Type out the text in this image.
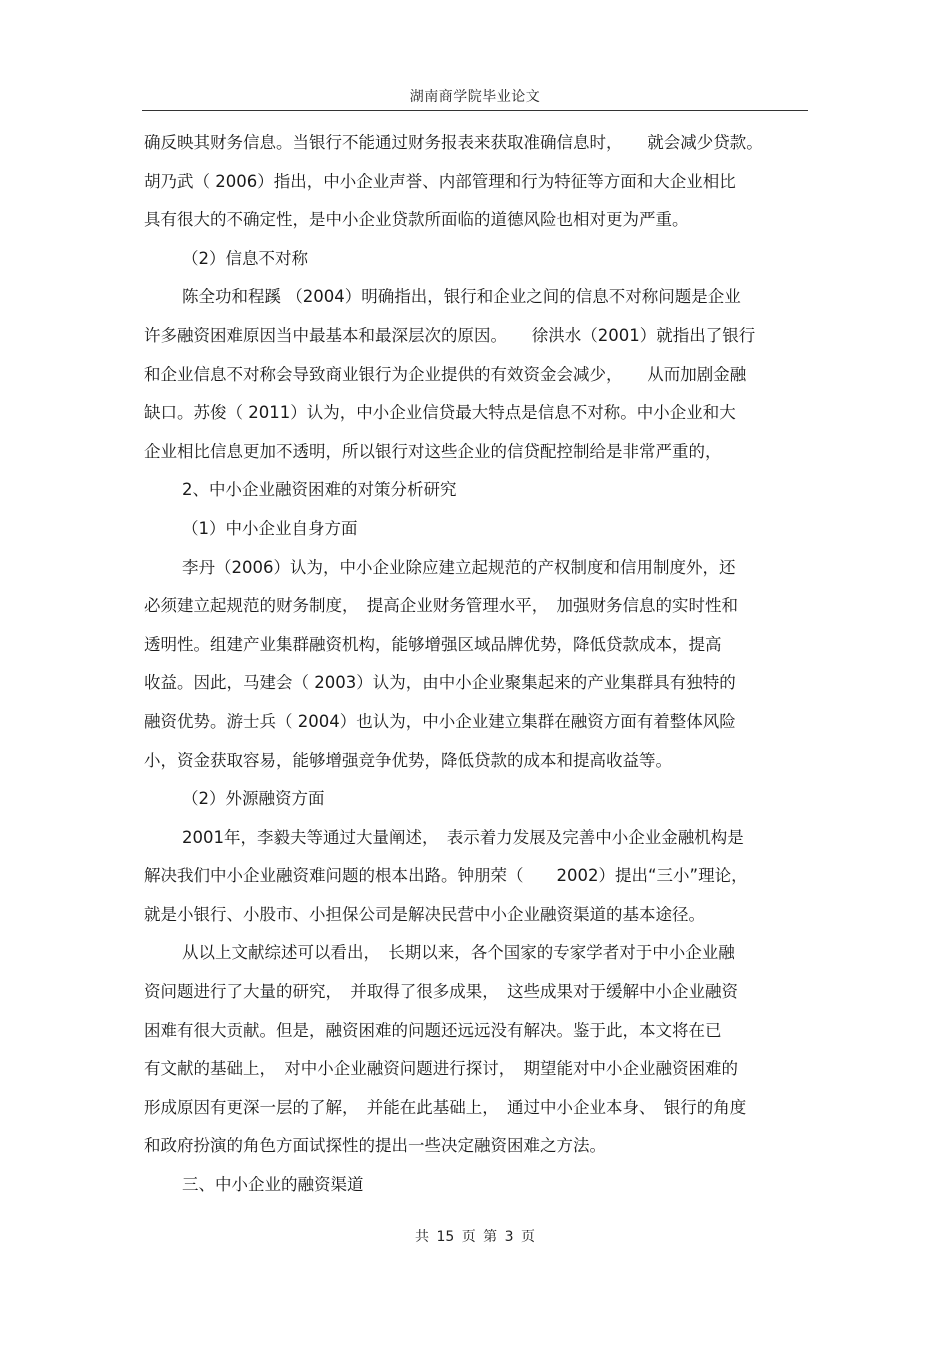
湖南商学院毕业论文
确反映其财务信息。当银行不能通过财务报表来获取准确信息时，　　就会减少贷款。
胡乃武（ 2006）指出，中小企业声誉、内部管理和行为特征等方面和大企业相比
具有很大的不确定性，是中小企业贷款所面临的道德风险也相对更为严重。
（2）信息不对称
陈全功和程蹊 （2004）明确指出，银行和企业之间的信息不对称问题是企业
许多融资困难原因当中最基本和最深层次的原因。　　徐洪水（2001）就指出了银行
和企业信息不对称会导致商业银行为企业提供的有效资金会减少，　　从而加剧金融
缺口。苏俊（ 2011）认为，中小企业信贷最大特点是信息不对称。中小企业和大
企业相比信息更加不透明，所以银行对这些企业的信贷配控制给是非常严重的，
2、中小企业融资困难的对策分析研究
（1）中小企业自身方面
李丹（2006）认为，中小企业除应建立起规范的产权制度和信用制度外，还
必须建立起规范的财务制度，　提高企业财务管理水平，　加强财务信息的实时性和
透明性。组建产业集群融资机构，能够增强区域品牌优势，降低贷款成本，提高
收益。因此，马建会（ 2003）认为，由中小企业聚集起来的产业集群具有独特的
融资优势。游士兵（ 2004）也认为，中小企业建立集群在融资方面有着整体风险
小，资金获取容易，能够增强竞争优势，降低贷款的成本和提高收益等。
（2）外源融资方面
2001年，李毅夫等通过大量阐述，　表示着力发展及完善中小企业金融机构是
解决我们中小企业融资难问题的根本出路。钟朋荣（　　2002）提出“三小”理论，
就是小银行、小股市、小担保公司是解决民营中小企业融资渠道的基本途径。
从以上文献综述可以看出，　长期以来，各个国家的专家学者对于中小企业融
资问题进行了大量的研究，　并取得了很多成果，　这些成果对于缓解中小企业融资
困难有很大贡献。但是，融资困难的问题还远远没有解决。鉴于此，本文将在已
有文献的基础上，　对中小企业融资问题进行探讨，　期望能对中小企业融资困难的
形成原因有更深一层的了解，　并能在此基础上，　通过中小企业本身、　银行的角度
和政府扮演的角色方面试探性的提出一些决定融资困难之方法。
三、中小企业的融资渠道
共 15 页 第 3 页
